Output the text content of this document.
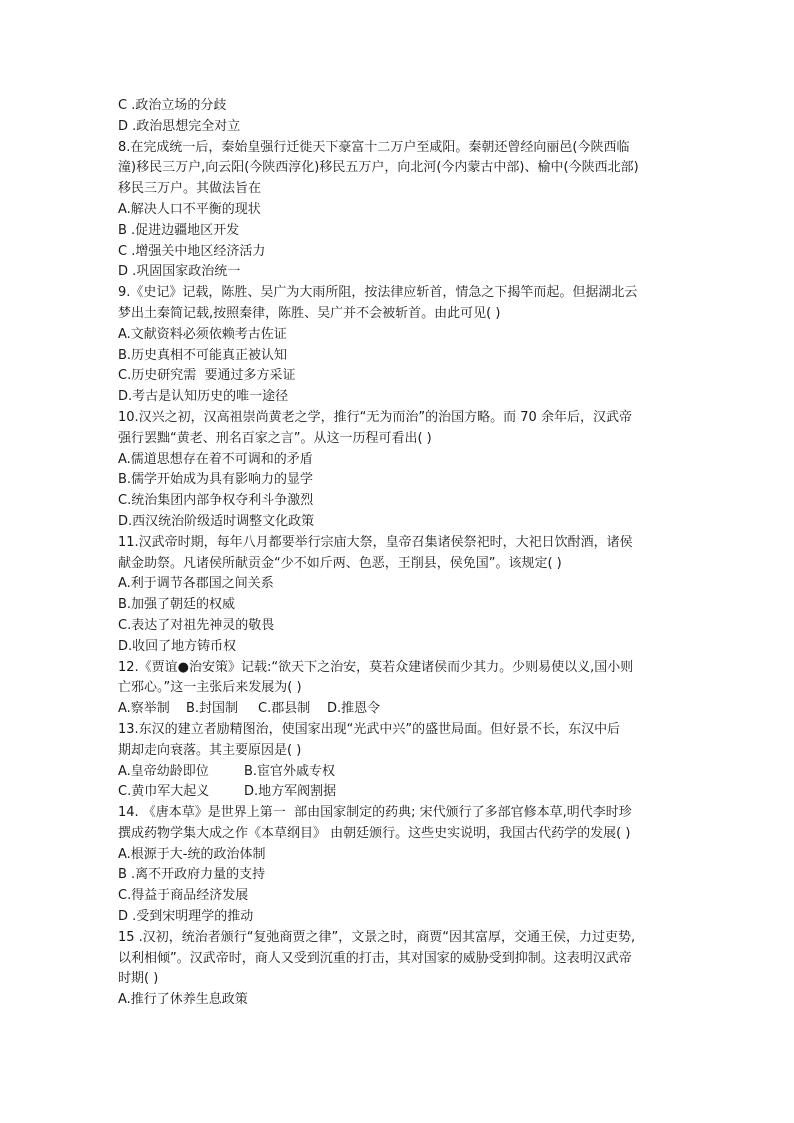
C .政治立场的分歧
D .政治思想完全对立
8.在完成统一后，秦始皇强行迁徙天下豪富十二万户至咸阳。秦朝还曾经向丽邑(今陕西临
潼)移民三万户,向云阳(今陕西淳化)移民五万户，向北河(今内蒙古中部)、榆中(今陕西北部)
移民三万户。其做法旨在
A.解决人口不平衡的现状
B .促进边疆地区开发
C .增强关中地区经济活力
D .巩固国家政治统一
9.《史记》记载，陈胜、吴广为大雨所阻，按法律应斩首，情急之下揭竿而起。但据湖北云
梦出土秦简记载,按照秦律，陈胜、吴广并不会被斩首。由此可见( )
A.文献资料必须依赖考古佐证
B.历史真相不可能真正被认知
C.历史研究需  要通过多方采证
D.考古是认知历史的唯一途径
10.汉兴之初，汉高祖崇尚黄老之学，推行“无为而治”的治国方略。而 70 余年后，汉武帝
强行罢黜“黄老、刑名百家之言”。从这一历程可看出( )
A.儒道思想存在着不可调和的矛盾
B.儒学开始成为具有影响力的显学
C.统治集团内部争权夺利斗争激烈
D.西汉统治阶级适时调整文化政策
11.汉武帝时期，每年八月都要举行宗庙大祭，皇帝召集诸侯祭祀时，大祀日饮酎酒，诸侯
献金助祭。凡诸侯所献贡金“少不如斤两、色恶，王削县，侯免国”。该规定( )
A.利于调节各郡国之间关系
B.加强了朝廷的权威
C.表达了对祖先神灵的敬畏
D.收回了地方铸币权
12.《贾谊●治安策》记载:“欲天下之治安，莫若众建诸侯而少其力。少则易使以义,国小则
亡邪心。”这一主张后来发展为( )
A.察举制	B.封国制	C.郡县制	D.推恩令
13.东汉的建立者励精图治，使国家出现“光武中兴”的盛世局面。但好景不长，东汉中后
期却走向衰落。其主要原因是( )
A.皇帝幼龄即位	B.宦官外戚专权
C.黄巾军大起义	D.地方军阀割据
14. 《唐本草》是世界上第一  部由国家制定的药典; 宋代颁行了多部官修本草,明代李时珍
撰成药物学集大成之作《本草纲目》 由朝廷颁行。这些史实说明，我国古代药学的发展( )
A.根源于大-统的政治体制
B .离不开政府力量的支持
C.得益于商品经济发展
D .受到宋明理学的推动
15 .汉初，统治者颁行“复弛商贾之律”，文景之时，商贾“因其富厚，交通王侯，力过吏势,
以利相倾”。汉武帝时，商人又受到沉重的打击，其对国家的威胁受到抑制。这表明汉武帝
时期( )
A.推行了休养生息政策
